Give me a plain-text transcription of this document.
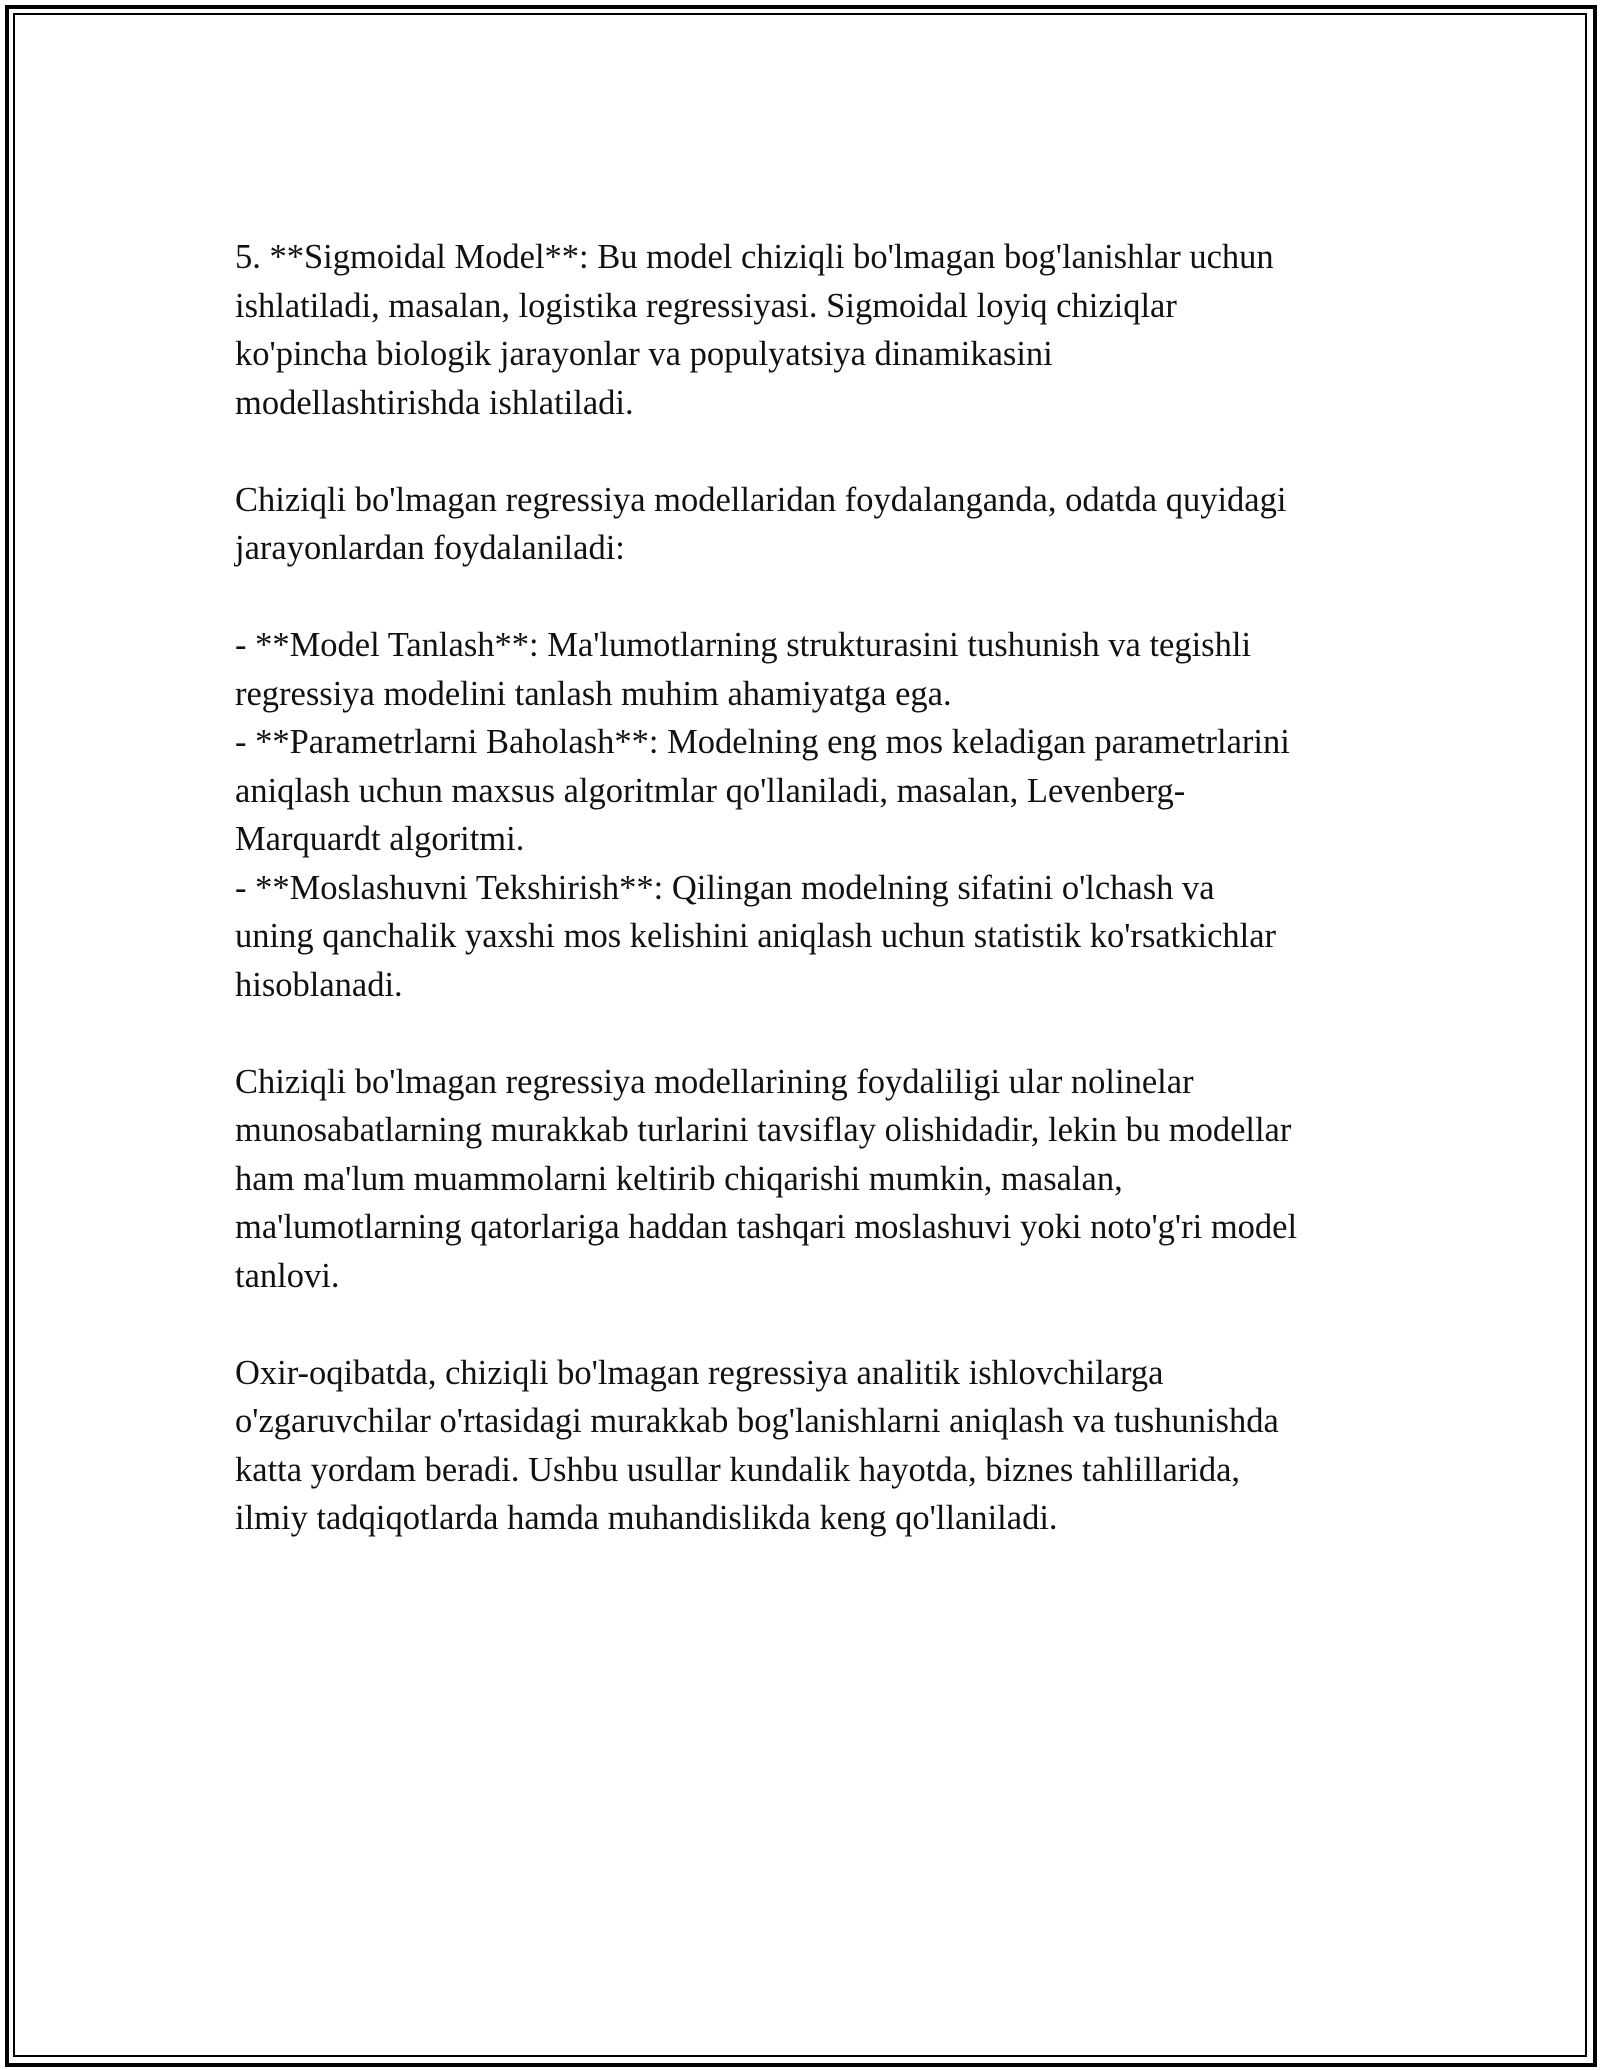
5. **Sigmoidal Model**: Bu model chiziqli bo'lmagan bog'lanishlar uchun
ishlatiladi, masalan, logistika regressiyasi. Sigmoidal loyiq chiziqlar
ko'pincha biologik jarayonlar va populyatsiya dinamikasini
modellashtirishda ishlatiladi.

Chiziqli bo'lmagan regressiya modellaridan foydalanganda, odatda quyidagi
jarayonlardan foydalaniladi:

- **Model Tanlash**: Ma'lumotlarning strukturasini tushunish va tegishli
regressiya modelini tanlash muhim ahamiyatga ega.

- **Parametrlarni Baholash**: Modelning eng mos keladigan parametrlarini
aniqlash uchun maxsus algoritmlar qo'llaniladi, masalan, Levenberg-
Marquardt algoritmi.

- **Moslashuvni Tekshirish**: Qilingan modelning sifatini o'lchash va
uning qanchalik yaxshi mos kelishini aniqlash uchun statistik ko'rsatkichlar
hisoblanadi.

Chiziqli bo'lmagan regressiya modellarining foydaliligi ular nolinelar
munosabatlarning murakkab turlarini tavsiflay olishidadir, lekin bu modellar
ham ma'lum muammolarni keltirib chiqarishi mumkin, masalan,
ma'lumotlarning qatorlariga haddan tashqari moslashuvi yoki noto'g'ri model
tanlovi.

Oxir-oqibatda, chiziqli bo'lmagan regressiya analitik ishlovchilarga
o'zgaruvchilar o'rtasidagi murakkab bog'lanishlarni aniqlash va tushunishda
katta yordam beradi. Ushbu usullar kundalik hayotda, biznes tahlillarida,
ilmiy tadqiqotlarda hamda muhandislikda keng qo'llaniladi.
